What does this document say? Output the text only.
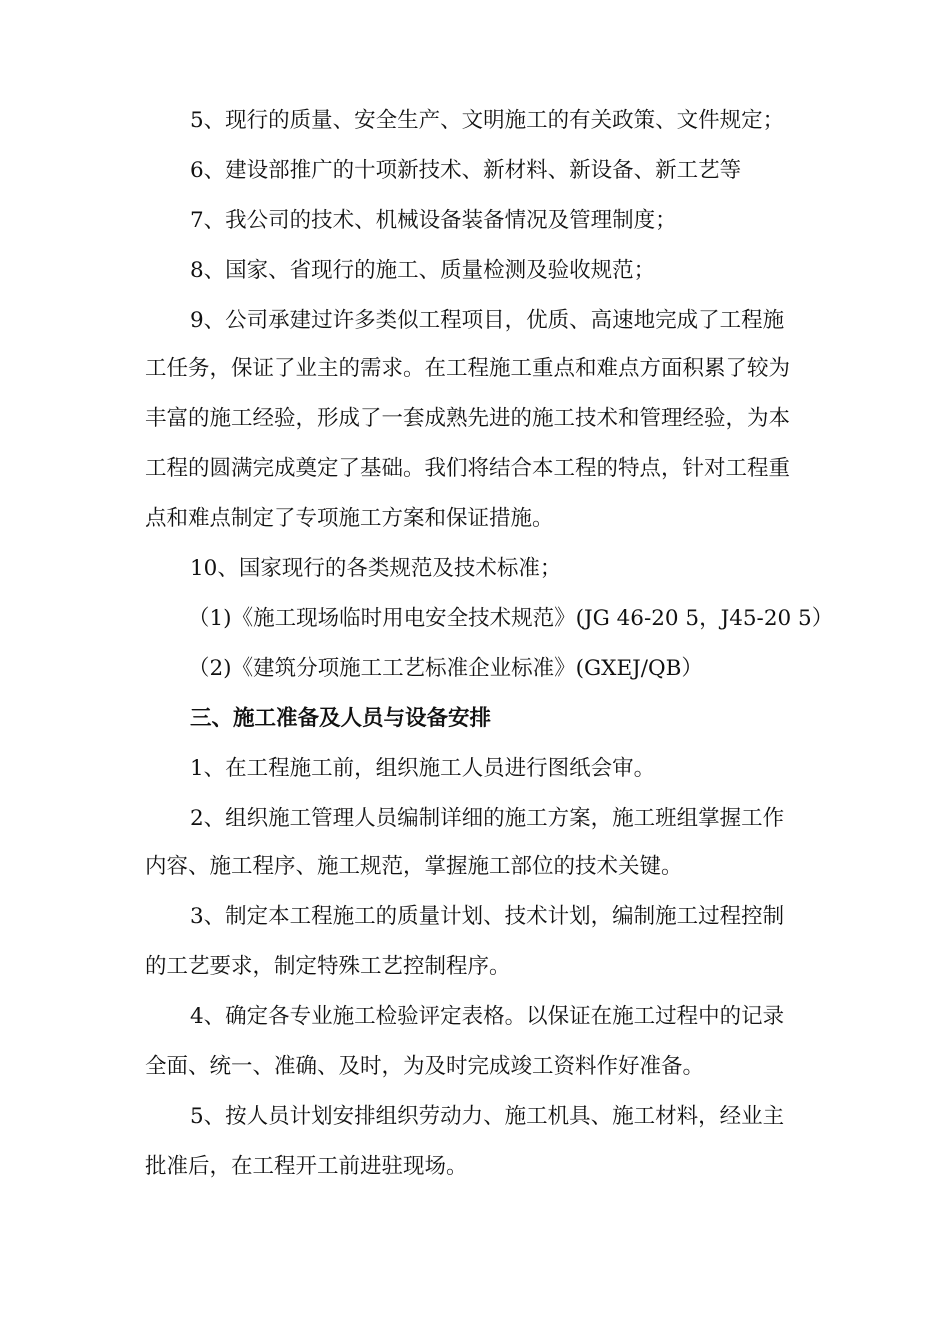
5、现行的质量、安全生产、文明施工的有关政策、文件规定；
6、建设部推广的十项新技术、新材料、新设备、新工艺等
7、我公司的技术、机械设备装备情况及管理制度；
8、国家、省现行的施工、质量检测及验收规范；
9、公司承建过许多类似工程项目，优质、高速地完成了工程施
工任务，保证了业主的需求。在工程施工重点和难点方面积累了较为
丰富的施工经验，形成了一套成熟先进的施工技术和管理经验，为本
工程的圆满完成奠定了基础。我们将结合本工程的特点，针对工程重
点和难点制定了专项施工方案和保证措施。
10、国家现行的各类规范及技术标准；
（1)《施工现场临时用电安全技术规范》(JG 46-20 5，J45-20 5）
（2)《建筑分项施工工艺标准企业标准》(GXEJ/QB）
三、施工准备及人员与设备安排
1、在工程施工前，组织施工人员进行图纸会审。
2、组织施工管理人员编制详细的施工方案，施工班组掌握工作
内容、施工程序、施工规范，掌握施工部位的技术关键。
3、制定本工程施工的质量计划、技术计划，编制施工过程控制
的工艺要求，制定特殊工艺控制程序。
4、确定各专业施工检验评定表格。以保证在施工过程中的记录
全面、统一、准确、及时，为及时完成竣工资料作好准备。
5、按人员计划安排组织劳动力、施工机具、施工材料，经业主
批准后，在工程开工前进驻现场。
